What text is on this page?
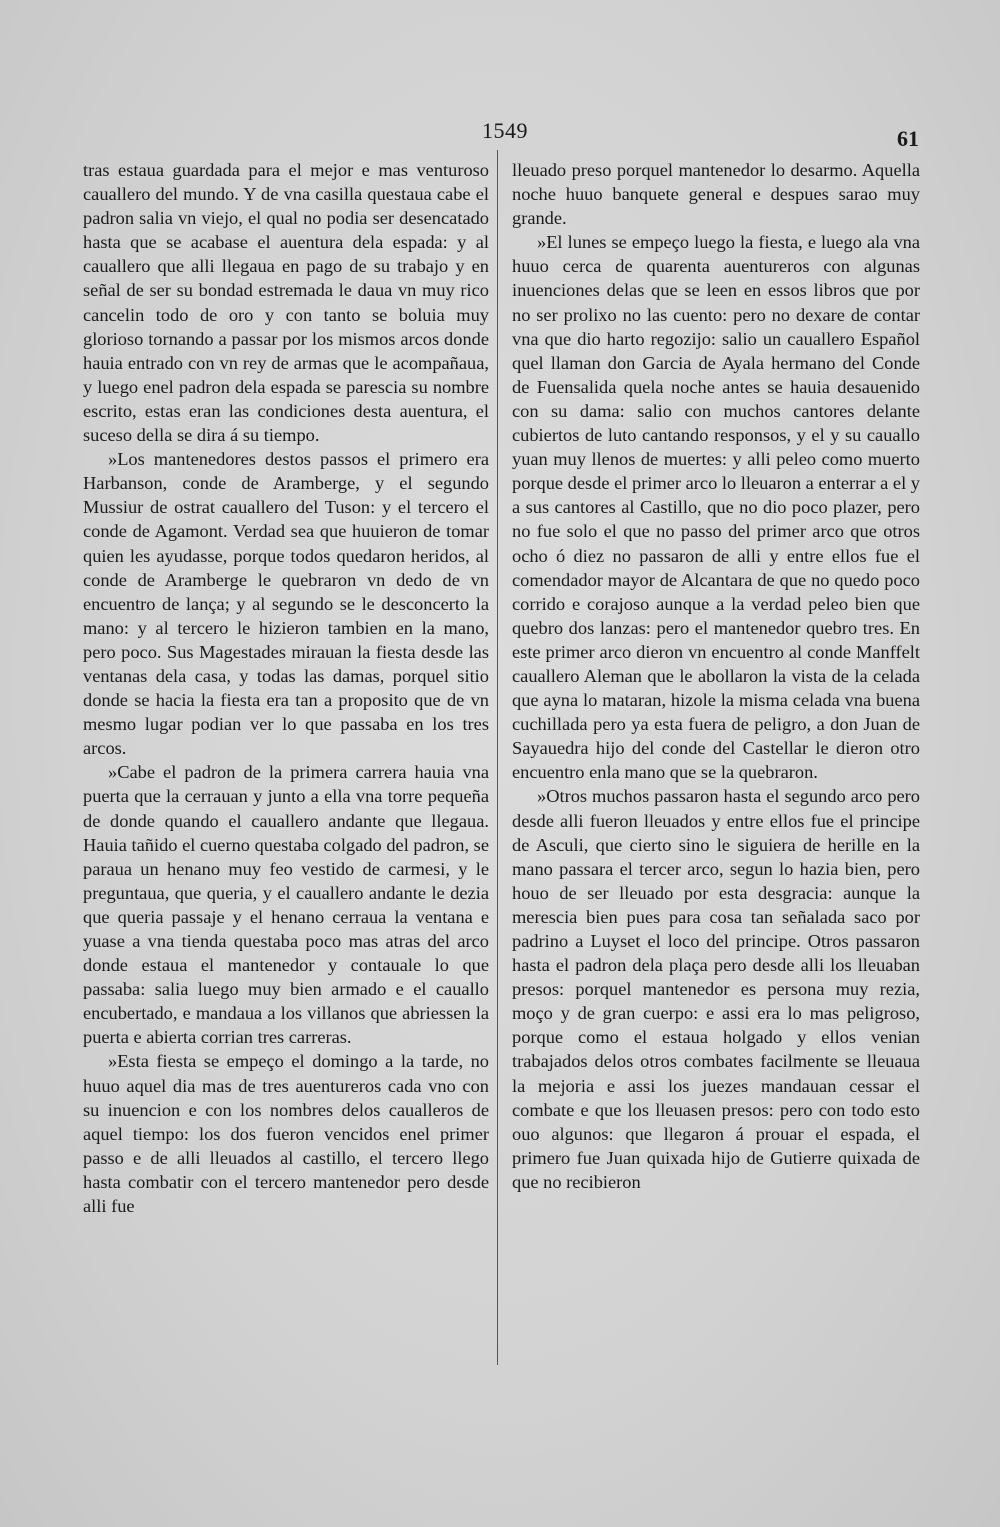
1549	61

tras estaua guardada para el mejor e mas venturoso cauallero del mundo. Y de vna casilla questaua cabe el padron salia vn viejo, el qual no podia ser desencatado hasta que se acabase el auentura dela espada: y al cauallero que alli llegaua en pago de su trabajo y en señal de ser su bondad estremada le daua vn muy rico cancelin todo de oro y con tanto se boluia muy glorioso tornando a passar por los mismos arcos donde hauia entrado con vn rey de armas que le acompañaua, y luego enel padron dela espada se parescia su nombre escrito, estas eran las condiciones desta auentura, el suceso della se dira á su tiempo.

»Los mantenedores destos passos el primero era Harbanson, conde de Aramberge, y el segundo Mussiur de ostrat cauallero del Tuson: y el tercero el conde de Agamont. Verdad sea que huuieron de tomar quien les ayudasse, porque todos quedaron heridos, al conde de Aramberge le quebraron vn dedo de vn encuentro de lança; y al segundo se le desconcerto la mano: y al tercero le hizieron tambien en la mano, pero poco. Sus Magestades mirauan la fiesta desde las ventanas dela casa, y todas las damas, porquel sitio donde se hacia la fiesta era tan a proposito que de vn mesmo lugar podian ver lo que passaba en los tres arcos.

»Cabe el padron de la primera carrera hauia vna puerta que la cerrauan y junto a ella vna torre pequeña de donde quando el cauallero andante que llegaua. Hauia tañido el cuerno questaba colgado del padron, se paraua un henano muy feo vestido de carmesi, y le preguntaua, que queria, y el cauallero andante le dezia que queria passaje y el henano cerraua la ventana e yuase a vna tienda questaba poco mas atras del arco donde estaua el mantenedor y contauale lo que passaba: salia luego muy bien armado e el cauallo encubertado, e mandaua a los villanos que abriessen la puerta e abierta corrian tres carreras.

»Esta fiesta se empeço el domingo a la tarde, no huuo aquel dia mas de tres auentureros cada vno con su inuencion e con los nombres delos caualleros de aquel tiempo: los dos fueron vencidos enel primer passo e de alli lleuados al castillo, el tercero llego hasta combatir con el tercero mantenedor pero desde alli fue

lleuado preso porquel mantenedor lo desarmo. Aquella noche huuo banquete general e despues sarao muy grande.

»El lunes se empeço luego la fiesta, e luego ala vna huuo cerca de quarenta auentureros con algunas inuenciones delas que se leen en essos libros que por no ser prolixo no las cuento: pero no dexare de contar vna que dio harto regozijo: salio un cauallero Español quel llaman don Garcia de Ayala hermano del Conde de Fuensalida quela noche antes se hauia desauenido con su dama: salio con muchos cantores delante cubiertos de luto cantando responsos, y el y su cauallo yuan muy llenos de muertes: y alli peleo como muerto porque desde el primer arco lo lleuaron a enterrar a el y a sus cantores al Castillo, que no dio poco plazer, pero no fue solo el que no passo del primer arco que otros ocho ó diez no passaron de alli y entre ellos fue el comendador mayor de Alcantara de que no quedo poco corrido e corajoso aunque a la verdad peleo bien que quebro dos lanzas: pero el mantenedor quebro tres. En este primer arco dieron vn encuentro al conde Manffelt cauallero Aleman que le abollaron la vista de la celada que ayna lo mataran, hizole la misma celada vna buena cuchillada pero ya esta fuera de peligro, a don Juan de Sayauedra hijo del conde del Castellar le dieron otro encuentro enla mano que se la quebraron.

»Otros muchos passaron hasta el segundo arco pero desde alli fueron lleuados y entre ellos fue el principe de Asculi, que cierto sino le siguiera de herille en la mano passara el tercer arco, segun lo hazia bien, pero houo de ser lleuado por esta desgracia: aunque la merescia bien pues para cosa tan señalada saco por padrino a Luyset el loco del principe. Otros passaron hasta el padron dela plaça pero desde alli los lleuaban presos: porquel mantenedor es persona muy rezia, moço y de gran cuerpo: e assi era lo mas peligroso, porque como el estaua holgado y ellos venian trabajados delos otros combates facilmente se lleuaua la mejoria e assi los juezes mandauan cessar el combate e que los lleuasen presos: pero con todo esto ouo algunos: que llegaron á prouar el espada, el primero fue Juan quixada hijo de Gutierre quixada de que no recibieron
